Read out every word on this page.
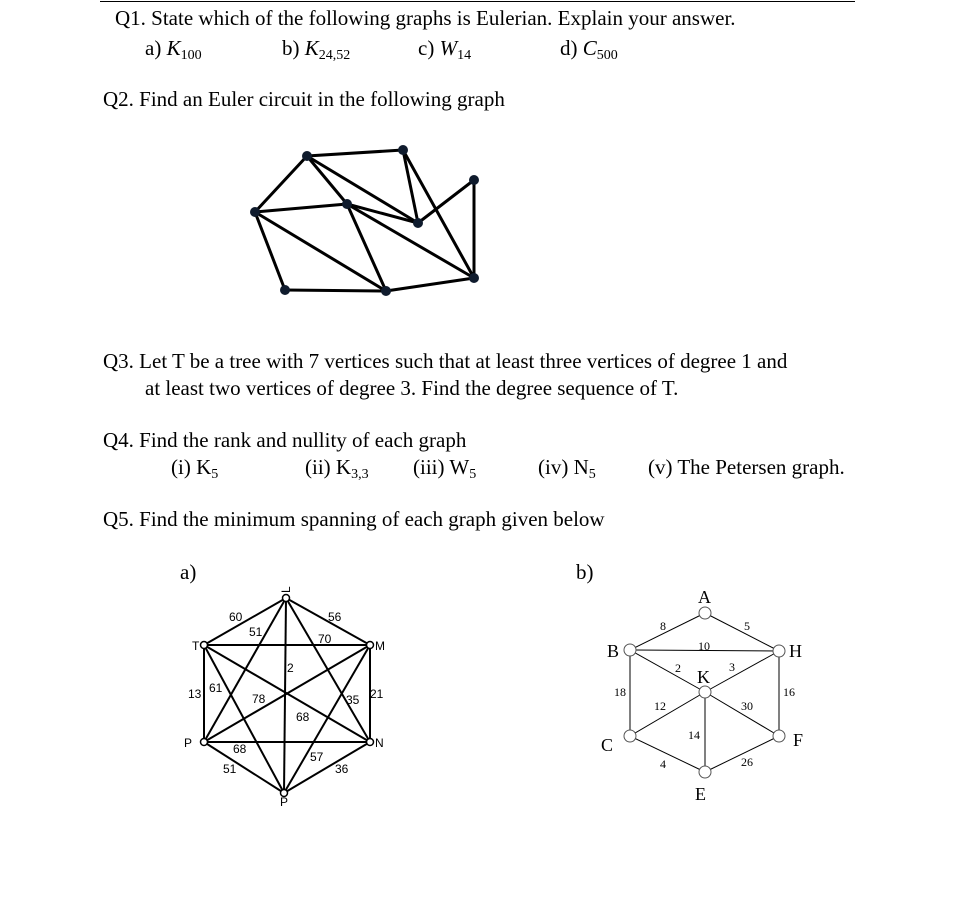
Q1. State which of the following graphs is Eulerian. Explain your answer.
a) $K_{100}$	b) $K_{24,52}$	c) $W_{14}$	d) $C_{500}$
Q2. Find an Euler circuit in the following graph
Q3. Let T be a tree with 7 vertices such that at least three vertices of degree 1 and
at least two vertices of degree 3. Find the degree sequence of T.
Q4. Find the rank and nullity of each graph
(i) $K_5$	(ii) $K_{3,3}$ (iii) $W_5$	(iv) $N_5$ (v) The Petersen graph.
Q5. Find the minimum spanning of each graph given below
a)	b)
L
T	M
P	N
P
60	56
51	70
2
13 61
78	35 21
68
68
57
51	36
A
B	H
K
C	F
E
8	5
10
2	3
18	16
12	30
14
4	26
